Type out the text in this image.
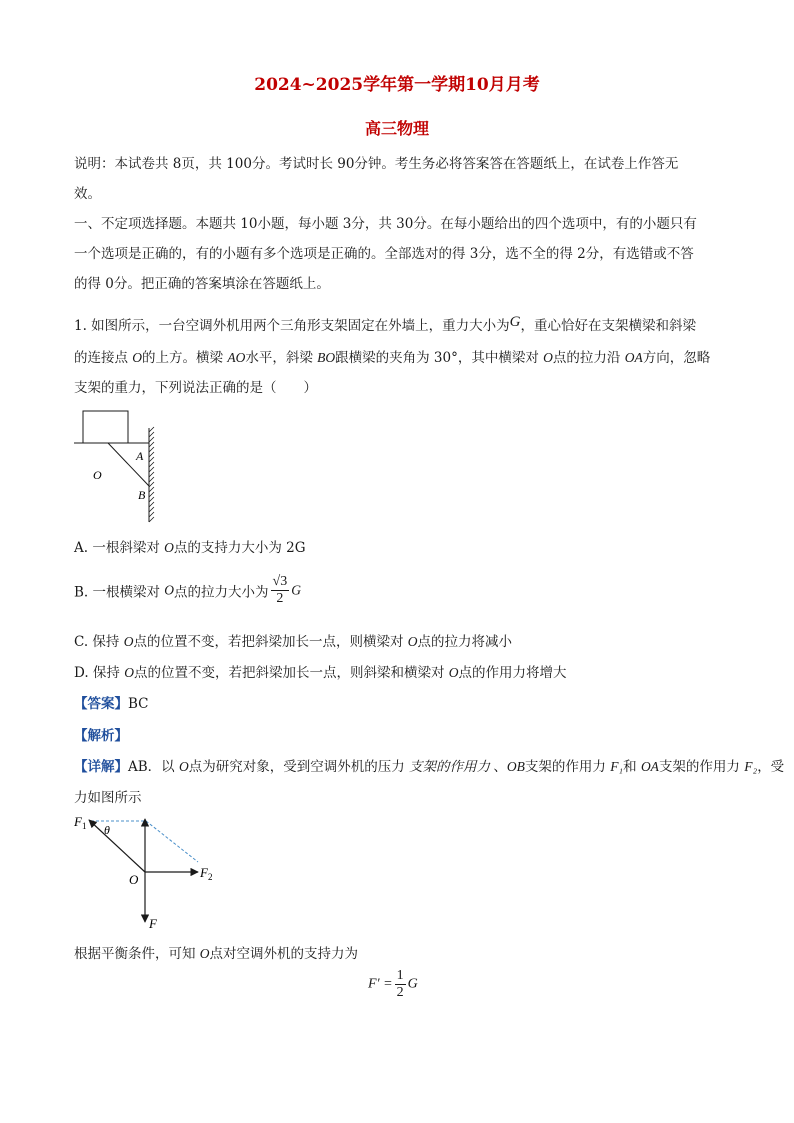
2024~2025学年第一学期10月月考
高三物理
说明：本试卷共 8页，共 100分。考试时长 90分钟。考生务必将答案答在答题纸上，在试卷上作答无
效。
一、不定项选择题。本题共 10小题，每小题 3分，共 30分。在每小题给出的四个选项中，有的小题只有
一个选项是正确的，有的小题有多个选项是正确的。全部选对的得 3分，选不全的得 2分，有选错或不答
的得 0分。把正确的答案填涂在答题纸上。
1. 如图所示，一台空调外机用两个三角形支架固定在外墙上，重力大小为G，重心恰好在支架横梁和斜梁
的连接点 O的上方。横梁 AO水平，斜梁 BO跟横梁的夹角为 30°，其中横梁对 O点的拉力沿 OA方向，忽略
支架的重力，下列说法正确的是（　　）
A
O
B
A. 一根斜梁对 O点的支持力大小为 2G
B. 一根横梁对 O点的拉力大小为 $\frac{√3}{2}$ G
C. 保持 O点的位置不变，若把斜梁加长一点，则横梁对 O点的拉力将减小
D. 保持 O点的位置不变，若把斜梁加长一点，则斜梁和横梁对 O点的作用力将增大
【答案】BC
【解析】
【详解】AB．以 O点为研究对象，受到空调外机的压力 支架的作用力 、OB支架的作用力 F₁和 OA支架的作用力 F₂，受
力如图所示
$F_1$ θ
O	$F_2$
F
根据平衡条件，可知 O点对空调外机的支持力为
$F' = \frac{1}{2}$ G
